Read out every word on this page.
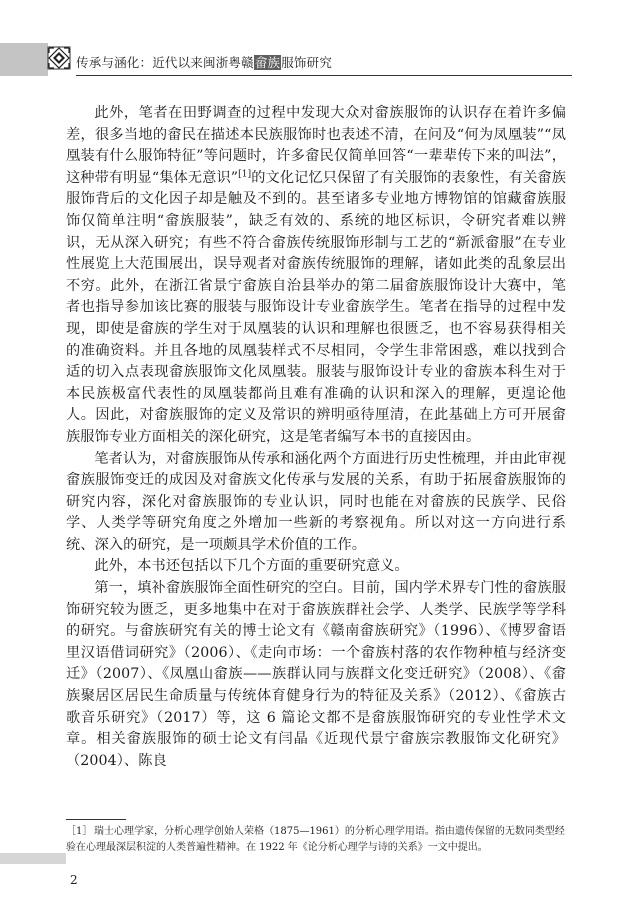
传承与涵化：近代以来闽浙粤赣畲族服饰研究

此外，笔者在田野调查的过程中发现大众对畲族服饰的认识存在着许多偏差，很多当地的畲民在描述本民族服饰时也表述不清，在问及“何为凤凰装”“凤凰装有什么服饰特征”等问题时，许多畲民仅简单回答“一辈辈传下来的叫法”，这种带有明显“集体无意识”[1]的文化记忆只保留了有关服饰的表象性，有关畲族服饰背后的文化因子却是触及不到的。甚至诸多专业地方博物馆的馆藏畲族服饰仅简单注明“畲族服装”，缺乏有效的、系统的地区标识，令研究者难以辨识，无从深入研究；有些不符合畲族传统服饰形制与工艺的“新派畲服”在专业性展览上大范围展出，误导观者对畲族传统服饰的理解，诸如此类的乱象层出不穷。此外，在浙江省景宁畲族自治县举办的第二届畲族服饰设计大赛中，笔者也指导参加该比赛的服装与服饰设计专业畲族学生。笔者在指导的过程中发现，即使是畲族的学生对于凤凰装的认识和理解也很匮乏，也不容易获得相关的准确资料。并且各地的凤凰装样式不尽相同，令学生非常困惑，难以找到合适的切入点表现畲族服饰文化凤凰装。服装与服饰设计专业的畲族本科生对于本民族极富代表性的凤凰装都尚且难有准确的认识和深入的理解，更遑论他人。因此，对畲族服饰的定义及常识的辨明亟待厘清，在此基础上方可开展畲族服饰专业方面相关的深化研究，这是笔者编写本书的直接因由。

笔者认为，对畲族服饰从传承和涵化两个方面进行历史性梳理，并由此审视畲族服饰变迁的成因及对畲族文化传承与发展的关系，有助于拓展畲族服饰的研究内容，深化对畲族服饰的专业认识，同时也能在对畲族的民族学、民俗学、人类学等研究角度之外增加一些新的考察视角。所以对这一方向进行系统、深入的研究，是一项颇具学术价值的工作。

此外，本书还包括以下几个方面的重要研究意义。

第一，填补畲族服饰全面性研究的空白。目前，国内学术界专门性的畲族服饰研究较为匮乏，更多地集中在对于畲族族群社会学、人类学、民族学等学科的研究。与畲族研究有关的博士论文有《赣南畲族研究》（1996）、《博罗畲语里汉语借词研究》（2006）、《走向市场：一个畲族村落的农作物种植与经济变迁》（2007）、《凤凰山畲族——族群认同与族群文化变迁研究》（2008）、《畲族聚居区居民生命质量与传统体育健身行为的特征及关系》（2012）、《畲族古歌音乐研究》（2017）等，这 6 篇论文都不是畲族服饰研究的专业性学术文章。相关畲族服饰的硕士论文有闫晶《近现代景宁畲族宗教服饰文化研究》（2004）、陈良

［1］ 瑞士心理学家，分析心理学创始人荣格（1875—1961）的分析心理学用语。指由遗传保留的无数同类型经验在心理最深层积淀的人类普遍性精神。在 1922 年《论分析心理学与诗的关系》一文中提出。
2
